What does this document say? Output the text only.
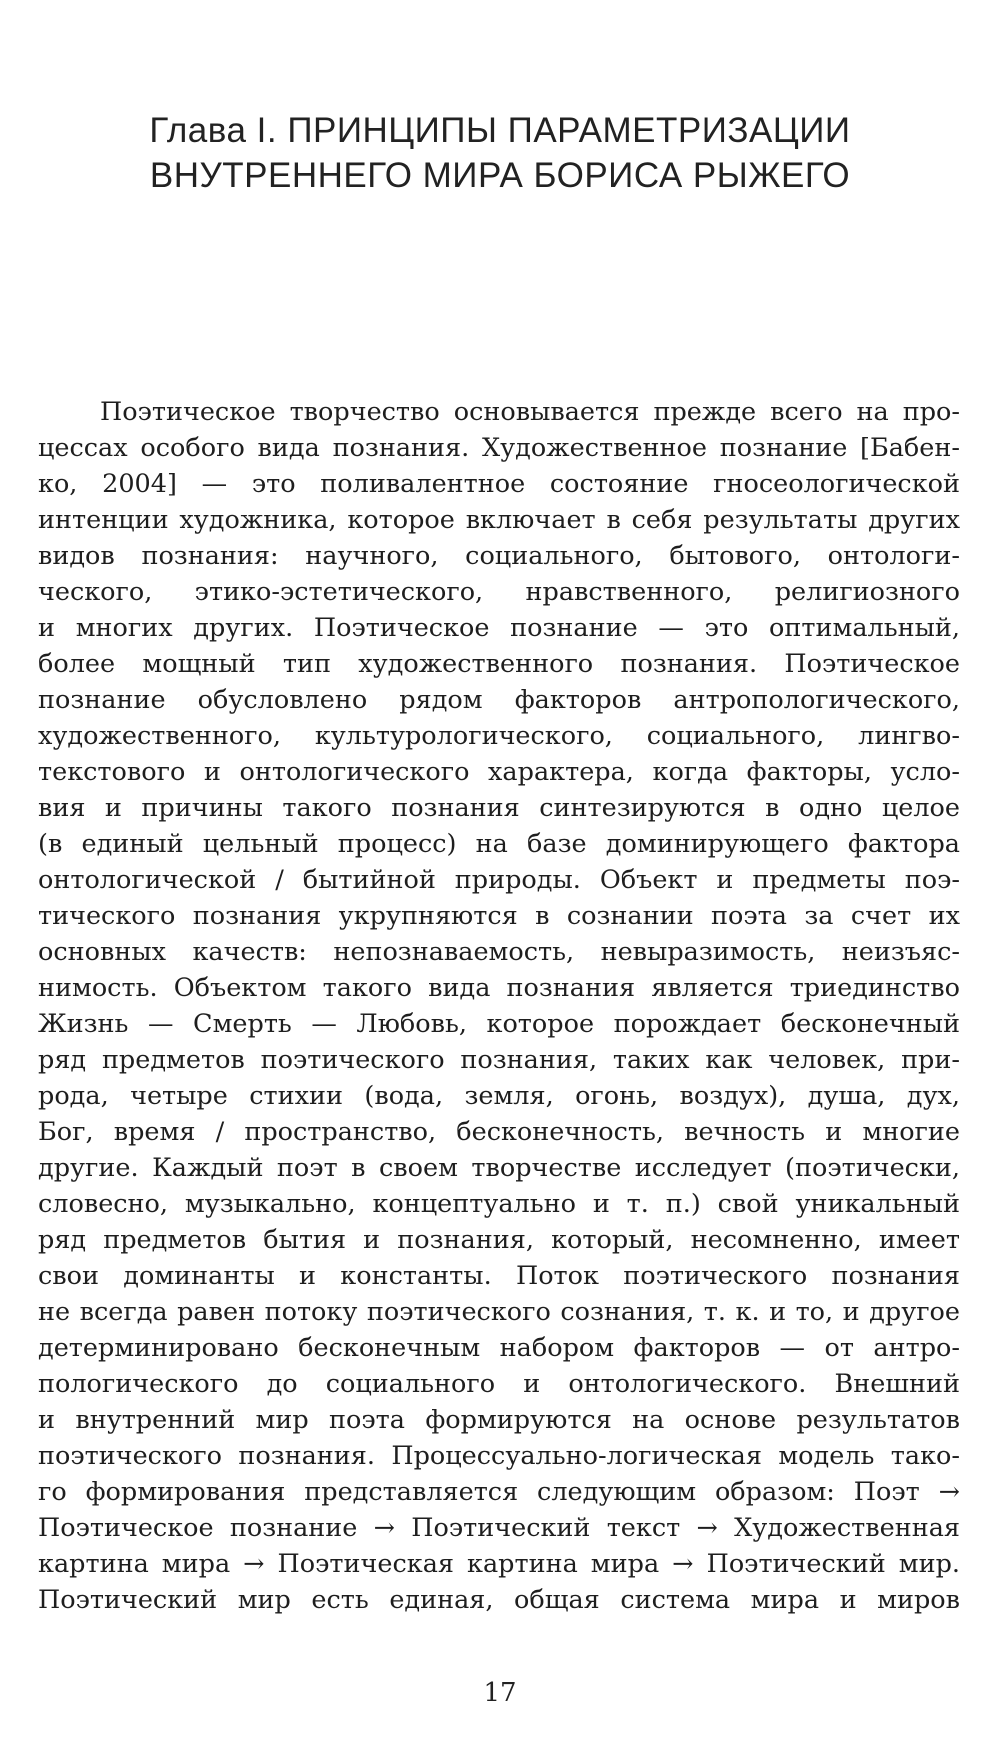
Глава I. ПРИНЦИПЫ ПАРАМЕТРИЗАЦИИ
ВНУТРЕННЕГО МИРА БОРИСА РЫЖЕГО
Поэтическое творчество основывается прежде всего на про-
цессах особого вида познания. Художественное познание [Бабен-
ко, 2004] — это поливалентное состояние гносеологической
интенции художника, которое включает в себя результаты других
видов познания: научного, социального, бытового, онтологи-
ческого, этико-эстетического, нравственного, религиозного
и многих других. Поэтическое познание — это оптимальный,
более мощный тип художественного познания. Поэтическое
познание обусловлено рядом факторов антропологического,
художественного, культурологического, социального, лингво-
текстового и онтологического характера, когда факторы, усло-
вия и причины такого познания синтезируются в одно целое
(в единый цельный процесс) на базе доминирующего фактора
онтологической / бытийной природы. Объект и предметы поэ-
тического познания укрупняются в сознании поэта за счет их
основных качеств: непознаваемость, невыразимость, неизъяс-
нимость. Объектом такого вида познания является триединство
Жизнь — Смерть — Любовь, которое порождает бесконечный
ряд предметов поэтического познания, таких как человек, при-
рода, четыре стихии (вода, земля, огонь, воздух), душа, дух,
Бог, время / пространство, бесконечность, вечность и многие
другие. Каждый поэт в своем творчестве исследует (поэтически,
словесно, музыкально, концептуально и т. п.) свой уникальный
ряд предметов бытия и познания, который, несомненно, имеет
свои доминанты и константы. Поток поэтического познания
не всегда равен потоку поэтического сознания, т. к. и то, и другое
детерминировано бесконечным набором факторов — от антро-
пологического до социального и онтологического. Внешний
и внутренний мир поэта формируются на основе результатов
поэтического познания. Процессуально-логическая модель тако-
го формирования представляется следующим образом: Поэт →
Поэтическое познание → Поэтический текст → Художественная
картина мира → Поэтическая картина мира → Поэтический мир.
Поэтический мир есть единая, общая система мира и миров
17
